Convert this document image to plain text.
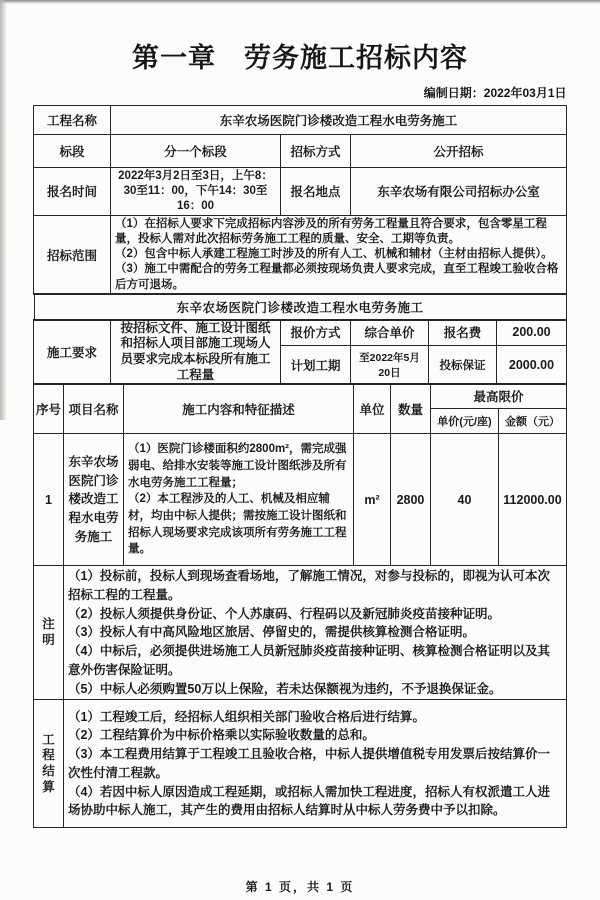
第一章　劳务施工招标内容
编制日期：2022年03月1日
工程名称	东辛农场医院门诊楼改造工程水电劳务施工		
标段	分一个标段	招标方式	公开招标
报名时间	2022年3月2日至3日，上午8：30至11：00，下午14：30至16：00	报名地点	东辛农场有限公司招标办公室
招标范围	（1）在招标人要求下完成招标内容涉及的所有劳务工程量且符合要求，包含零星工程量，投标人需对此次招标劳务施工工程的质量、安全、工期等负责。

（2）包含中标人承建工程施工时涉及的所有人工、机械和辅材（主材由招标人提供）。

（3）施工中需配合的劳务工程量都必须按现场负责人要求完成，直至工程竣工验收合格后方可退场。		

东辛农场医院门诊楼改造工程水电劳务施工
施工要求	按招标文件、施工设计图纸和招标人项目部施工现场人员要求完成本标段所有施工工程量	报价方式	综合单价	报名费	200.00
		计划工期	至2022年5月20日	投标保证	2000.00
序号	项目名称	施工内容和特征描述	单位	数量	最高限价	
					单价(元/座)	金额（元）
1	东辛农场医院门诊楼改造工程水电劳务施工	（1）医院门诊楼面积约2800m²，需完成强弱电、给排水安装等施工设计图纸涉及所有水电劳务施工工程量；

（2）本工程涉及的人工、机械及相应辅材，均由中标人提供；需按施工设计图纸和招标人现场要求完成该项所有劳务施工工程量。	m²	2800	40	112000.00
注明	（1）投标前，投标人到现场查看场地，了解施工情况，对参与投标的，即视为认可本次招标工程的工程量。

（2）投标人须提供身份证、个人苏康码、行程码以及新冠肺炎疫苗接种证明。

（3）投标人有中高风险地区旅居、停留史的，需提供核算检测合格证明。

（4）中标后，必须提供进场施工人员新冠肺炎疫苗接种证明、核算检测合格证明以及其意外伤害保险证明。

（5）中标人必须购置50万以上保险，若未达保额视为违约，不予退换保证金。					

工程结算	（1）工程竣工后，经招标人组织相关部门验收合格后进行结算。

（2）工程结算价为中标价格乘以实际验收数量的总和。

（3）本工程费用结算于工程竣工且验收合格，中标人提供增值税专用发票后按结算价一次性付清工程款。

（4）若因中标人原因造成工程延期，或招标人需加快工程进度，招标人有权派遣工人进场协助中标人施工，其产生的费用由招标人结算时从中标人劳务费中予以扣除。					

第 1 页，共 1 页
